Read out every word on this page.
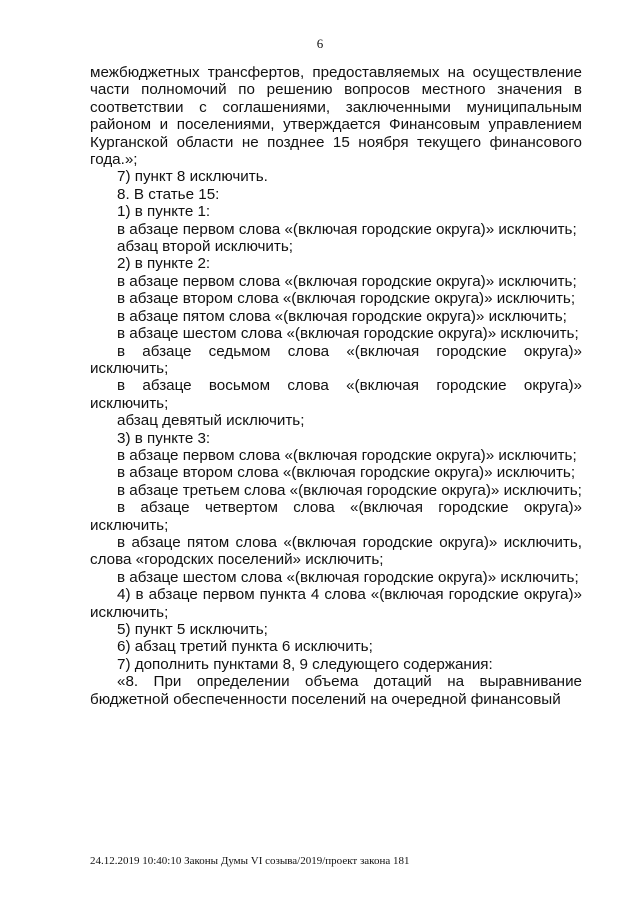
6

межбюджетных трансфертов, предоставляемых на осуществление части полномочий по решению вопросов местного значения в соответствии с соглашениями, заключенными муниципальным районом и поселениями, утверждается Финансовым управлением Курганской области не позднее 15 ноября текущего финансового года.»;

7) пункт 8 исключить.

8. В статье 15:

1) в пункте 1:

в абзаце первом слова «(включая городские округа)» исключить;

абзац второй исключить;

2) в пункте 2:

в абзаце первом слова «(включая городские округа)» исключить;

в абзаце втором слова «(включая городские округа)» исключить;

в абзаце пятом слова «(включая городские округа)» исключить;

в абзаце шестом слова «(включая городские округа)» исключить;

в абзаце седьмом слова «(включая городские округа)» исключить;

в абзаце восьмом слова «(включая городские округа)» исключить;

абзац девятый исключить;

3) в пункте 3:

в абзаце первом слова «(включая городские округа)» исключить;

в абзаце втором слова «(включая городские округа)» исключить;

в абзаце третьем слова «(включая городские округа)» исключить;

в абзаце четвертом слова «(включая городские округа)» исключить;

в абзаце пятом слова «(включая городские округа)» исключить, слова «городских поселений» исключить;

в абзаце шестом слова «(включая городские округа)» исключить;

4) в абзаце первом пункта 4 слова «(включая городские округа)» исключить;

5) пункт 5 исключить;

6) абзац третий пункта 6 исключить;

7) дополнить пунктами 8, 9 следующего содержания:

«8. При определении объема дотаций на выравнивание бюджетной обеспеченности поселений на очередной финансовый

24.12.2019 10:40:10 Законы Думы VI созыва/2019/проект закона 181
